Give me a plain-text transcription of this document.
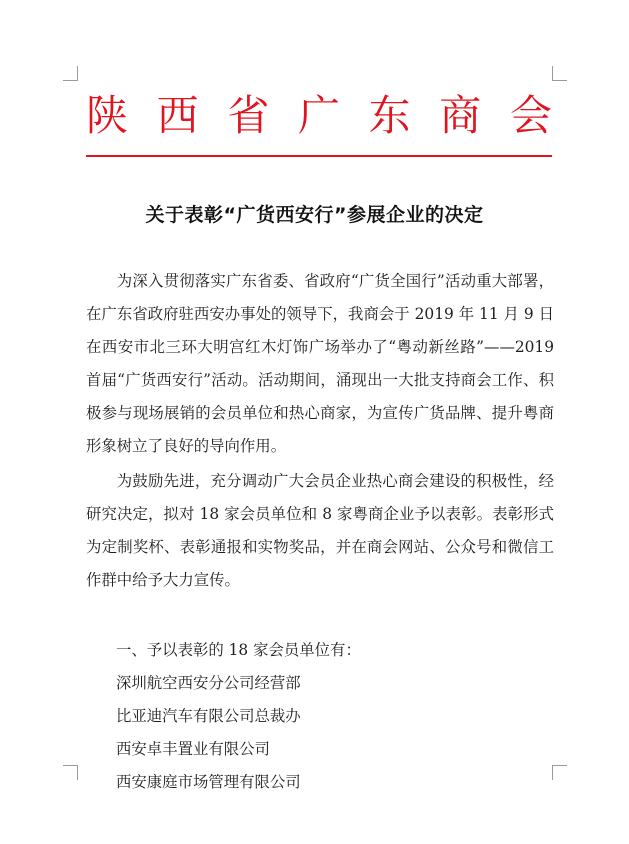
陕 西 省 广 东 商 会
关于表彰“广货西安行”参展企业的决定

为深入贯彻落实广东省委、省政府“广货全国行”活动重大部署，在广东省政府驻西安办事处的领导下，我商会于 2019 年 11 月 9 日在西安市北三环大明宫红木灯饰广场举办了“粤动新丝路”——2019 首届“广货西安行”活动。活动期间，涌现出一大批支持商会工作、积极参与现场展销的会员单位和热心商家，为宣传广货品牌、提升粤商形象树立了良好的导向作用。

为鼓励先进，充分调动广大会员企业热心商会建设的积极性，经研究决定，拟对 18 家会员单位和 8 家粤商企业予以表彰。表彰形式为定制奖杯、表彰通报和实物奖品，并在商会网站、公众号和微信工作群中给予大力宣传。

一、予以表彰的 18 家会员单位有：
深圳航空西安分公司经营部
比亚迪汽车有限公司总裁办
西安卓丰置业有限公司
西安康庭市场管理有限公司
